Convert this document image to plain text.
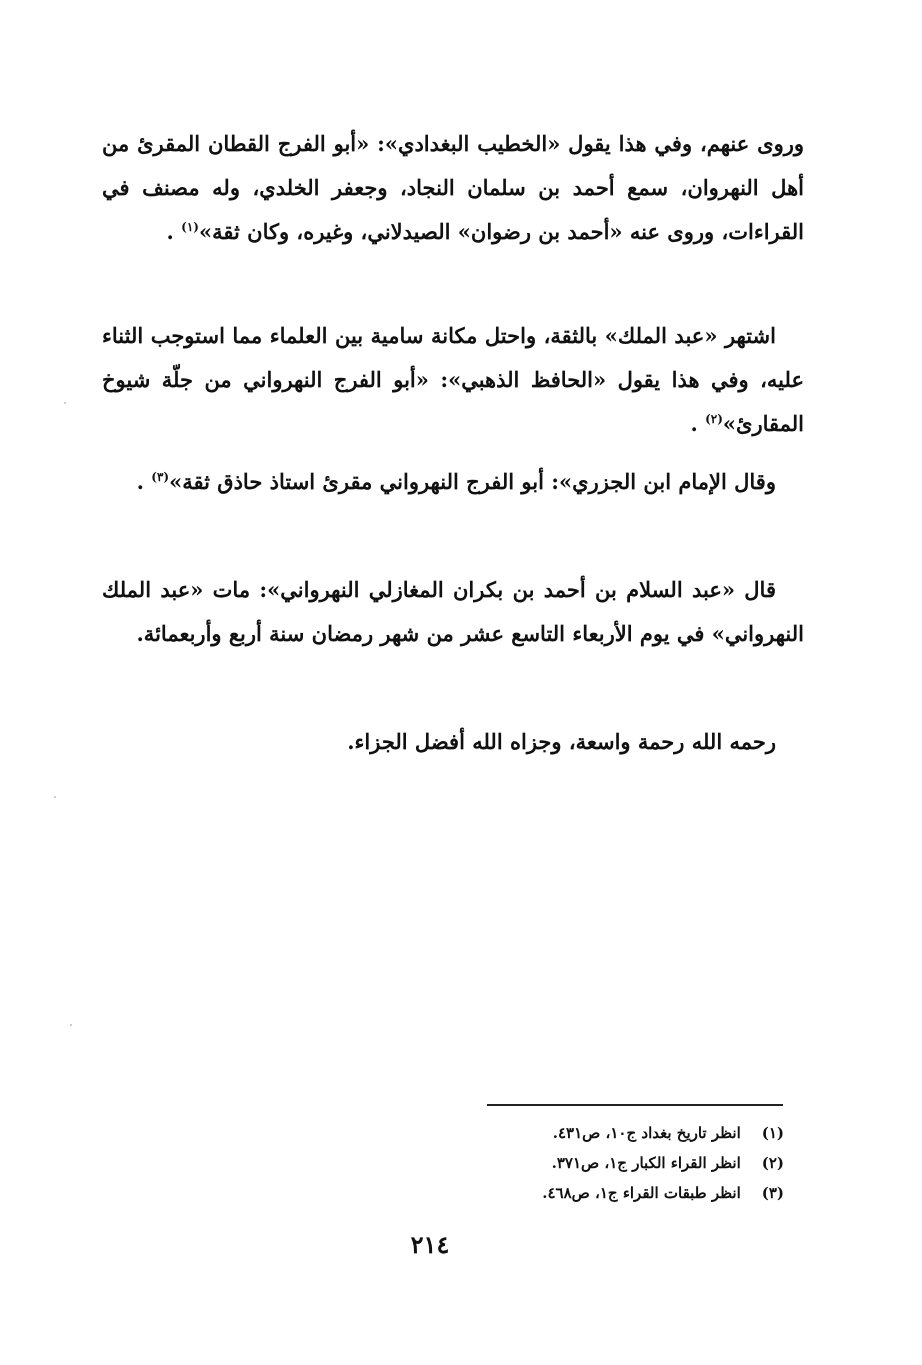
وروى عنهم، وفي هذا يقول «الخطيب البغدادي»: «أبو الفرج القطان المقرئ من أهل النهروان، سمع أحمد بن سلمان النجاد، وجعفر الخلدي، وله مصنف في القراءات، وروى عنه «أحمد بن رضوان» الصيدلاني، وغيره، وكان ثقة»$^{(١)}$ .

اشتهر «عبد الملك» بالثقة، واحتل مكانة سامية بين العلماء مما استوجب الثناء عليه، وفي هذا يقول «الحافظ الذهبي»: «أبو الفرج النهرواني من جلّة شيوخ المقارئ»$^{(٢)}$ .

وقال الإمام ابن الجزري»: أبو الفرج النهرواني مقرئ استاذ حاذق ثقة»$^{(٣)}$ .

قال «عبد السلام بن أحمد بن بكران المغازلي النهرواني»: مات «عبد الملك النهرواني» في يوم الأربعاء التاسع عشر من شهر رمضان سنة أربع وأربعمائة.

رحمه الله رحمة واسعة، وجزاه الله أفضل الجزاء.

(١) انظر تاريخ بغداد ج١٠، ص٤٣١.
(٢) انظر القراء الكبار ج١، ص٣٧١.
(٣) انظر طبقات القراء ج١، ص٤٦٨.
٢١٤
